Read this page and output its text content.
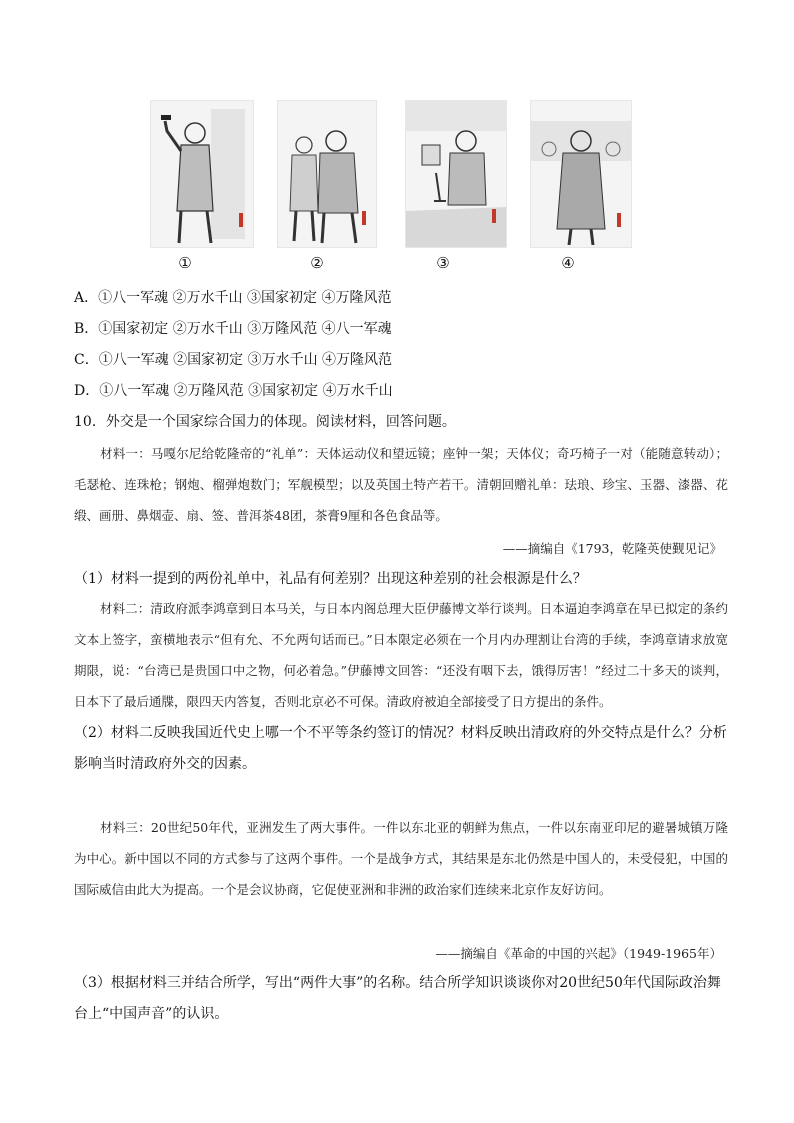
①	②	③	④
A．①八一军魂 ②万水千山 ③国家初定 ④万隆风范
B．①国家初定 ②万水千山 ③万隆风范 ④八一军魂
C．①八一军魂 ②国家初定 ③万水千山 ④万隆风范
D．①八一军魂 ②万隆风范 ③国家初定 ④万水千山
10．外交是一个国家综合国力的体现。阅读材料，回答问题。
材料一：马嘎尔尼给乾隆帝的“礼单”：天体运动仪和望远镜；座钟一架；天体仪；奇巧椅子一对（能随意转动）；毛瑟枪、连珠枪；钢炮、榴弹炮数门；军舰模型；以及英国土特产若干。清朝回赠礼单：珐琅、珍宝、玉器、漆器、花缎、画册、鼻烟壶、扇、签、普洱茶48团，茶膏9厘和各色食品等。
——摘编自《1793，乾隆英使觐见记》
（1）材料一提到的两份礼单中，礼品有何差别？出现这种差别的社会根源是什么？
材料二：清政府派李鸿章到日本马关，与日本内阁总理大臣伊藤博文举行谈判。日本逼迫李鸿章在早已拟定的条约文本上签字，蛮横地表示“但有允、不允两句话而已。”日本限定必须在一个月内办理割让台湾的手续，李鸿章请求放宽期限，说：“台湾已是贵国口中之物，何必着急。”伊藤博文回答：“还没有咽下去，饿得厉害！”经过二十多天的谈判，日本下了最后通牒，限四天内答复，否则北京必不可保。清政府被迫全部接受了日方提出的条件。
（2）材料二反映我国近代史上哪一个不平等条约签订的情况？材料反映出清政府的外交特点是什么？分析影响当时清政府外交的因素。
材料三：20世纪50年代，亚洲发生了两大事件。一件以东北亚的朝鲜为焦点，一件以东南亚印尼的避暑城镇万隆为中心。新中国以不同的方式参与了这两个事件。一个是战争方式，其结果是东北仍然是中国人的，未受侵犯，中国的国际威信由此大为提高。一个是会议协商，它促使亚洲和非洲的政治家们连续来北京作友好访问。
——摘编自《革命的中国的兴起》（1949-1965年）
（3）根据材料三并结合所学，写出“两件大事”的名称。结合所学知识谈谈你对20世纪50年代国际政治舞台上“中国声音”的认识。
